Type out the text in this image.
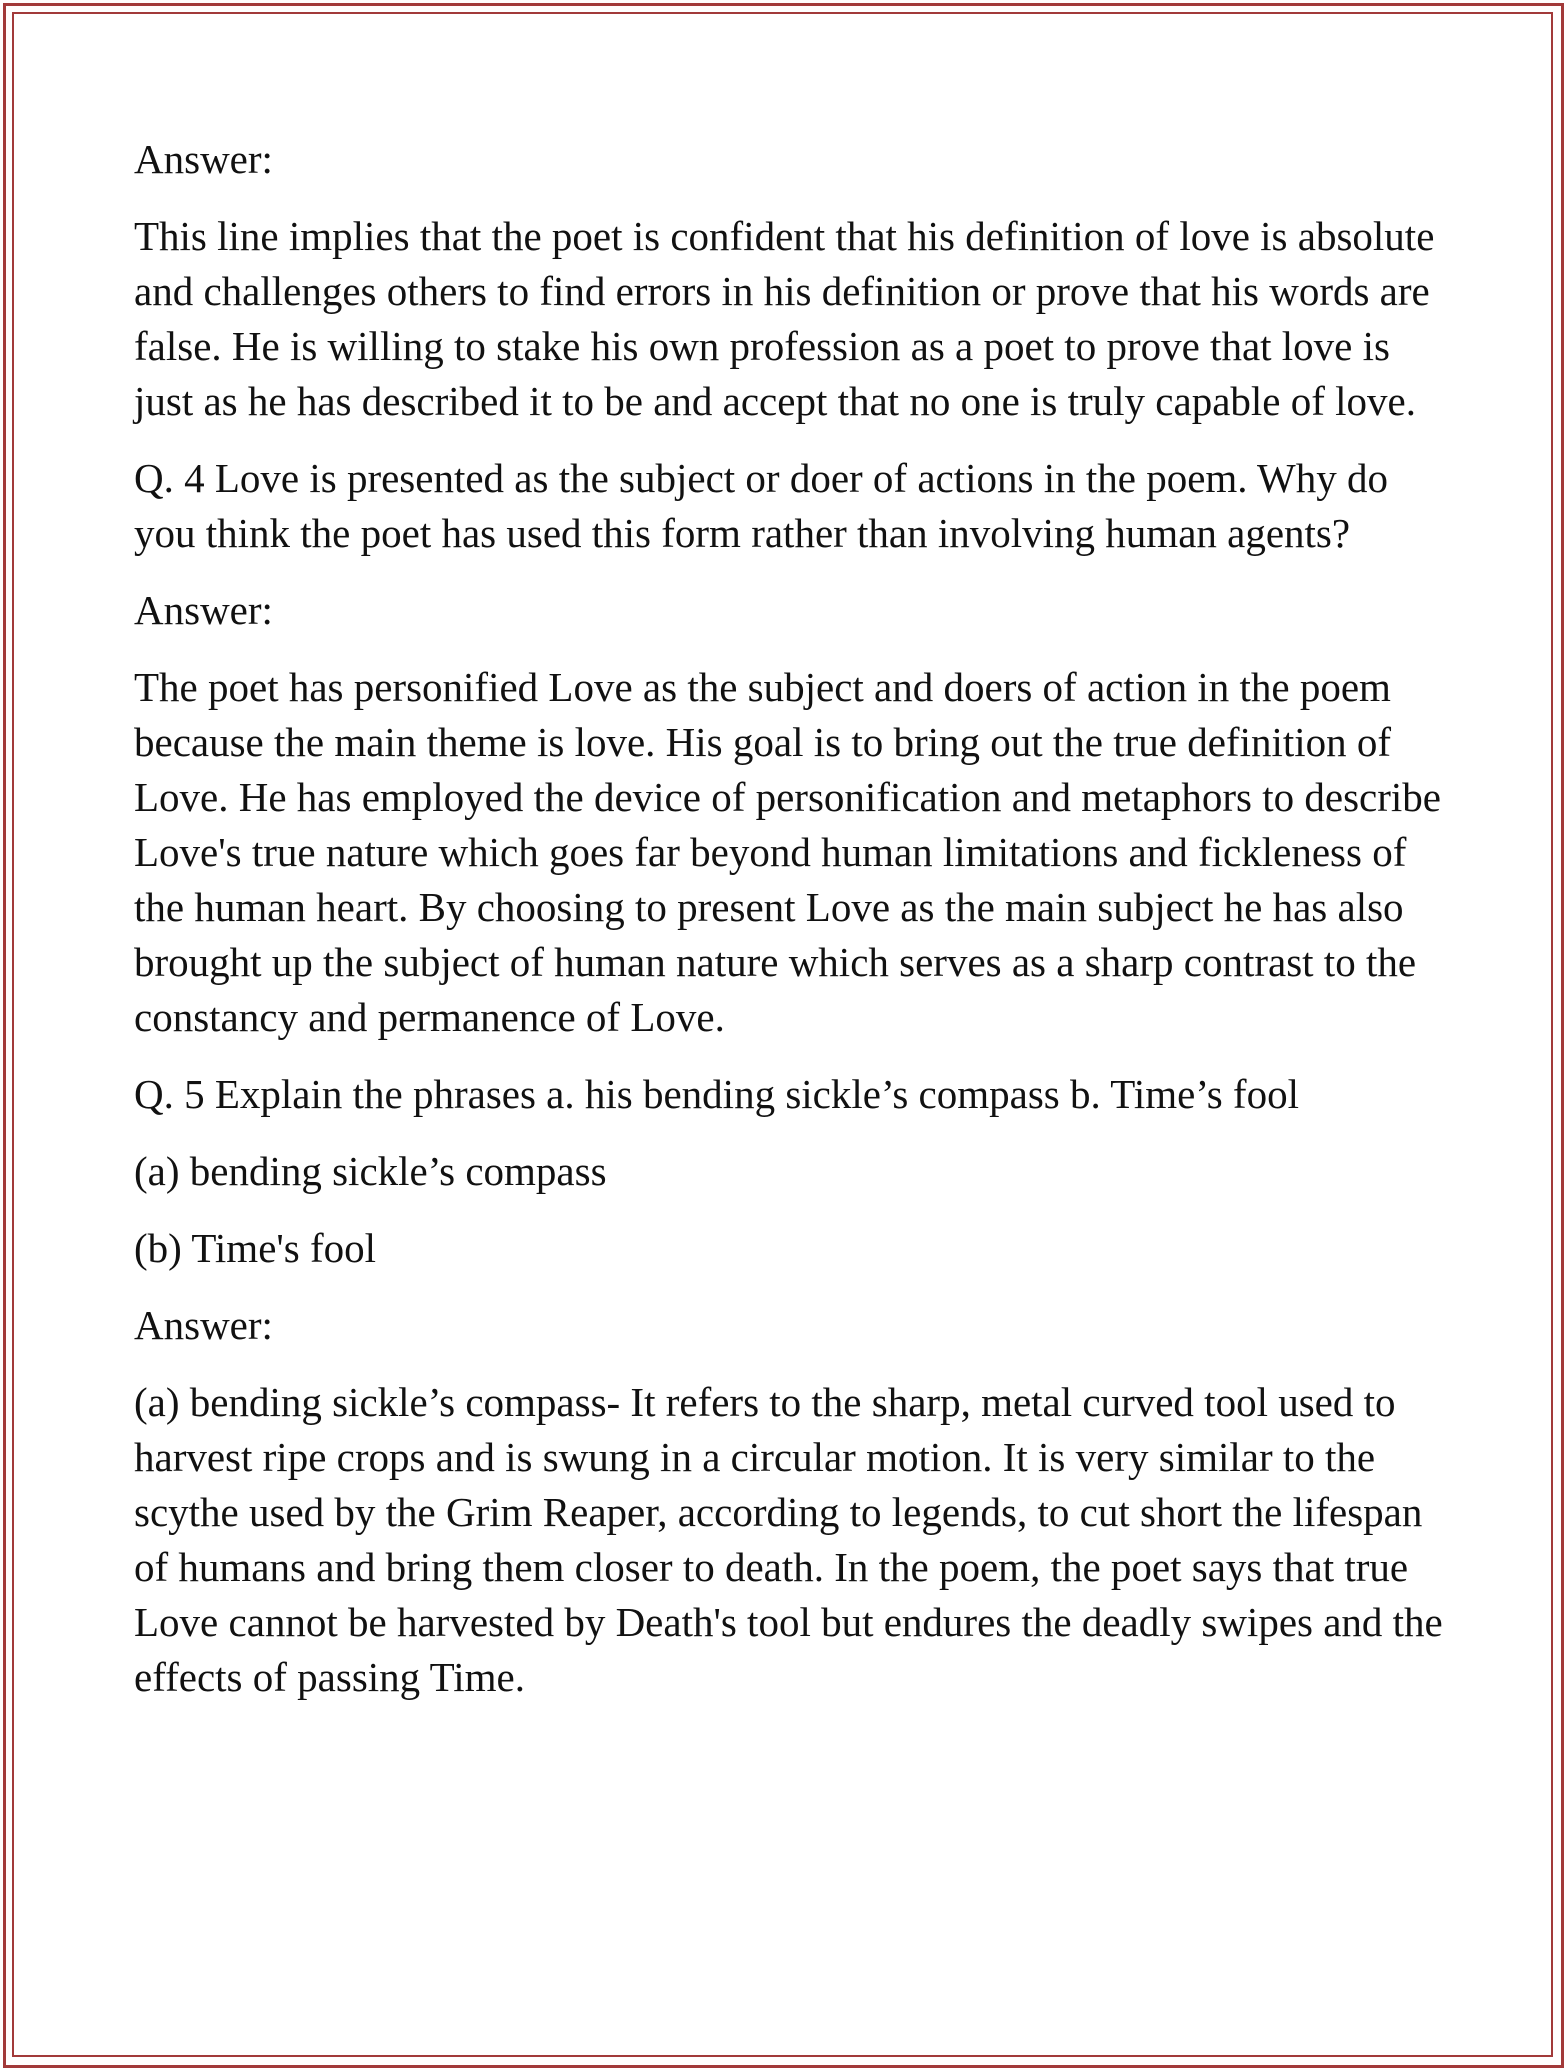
Answer:

This line implies that the poet is confident that his definition of love is absolute and challenges others to find errors in his definition or prove that his words are false. He is willing to stake his own profession as a poet to prove that love is just as he has described it to be and accept that no one is truly capable of love.

Q. 4 Love is presented as the subject or doer of actions in the poem. Why do you think the poet has used this form rather than involving human agents?

Answer:

The poet has personified Love as the subject and doers of action in the poem because the main theme is love. His goal is to bring out the true definition of Love. He has employed the device of personification and metaphors to describe Love's true nature which goes far beyond human limitations and fickleness of the human heart. By choosing to present Love as the main subject he has also brought up the subject of human nature which serves as a sharp contrast to the constancy and permanence of Love.

Q. 5 Explain the phrases a. his bending sickle’s compass b. Time’s fool

(a) bending sickle’s compass

(b) Time's fool

Answer:

(a) bending sickle’s compass- It refers to the sharp, metal curved tool used to harvest ripe crops and is swung in a circular motion. It is very similar to the scythe used by the Grim Reaper, according to legends, to cut short the lifespan of humans and bring them closer to death. In the poem, the poet says that true Love cannot be harvested by Death's tool but endures the deadly swipes and the effects of passing Time.
